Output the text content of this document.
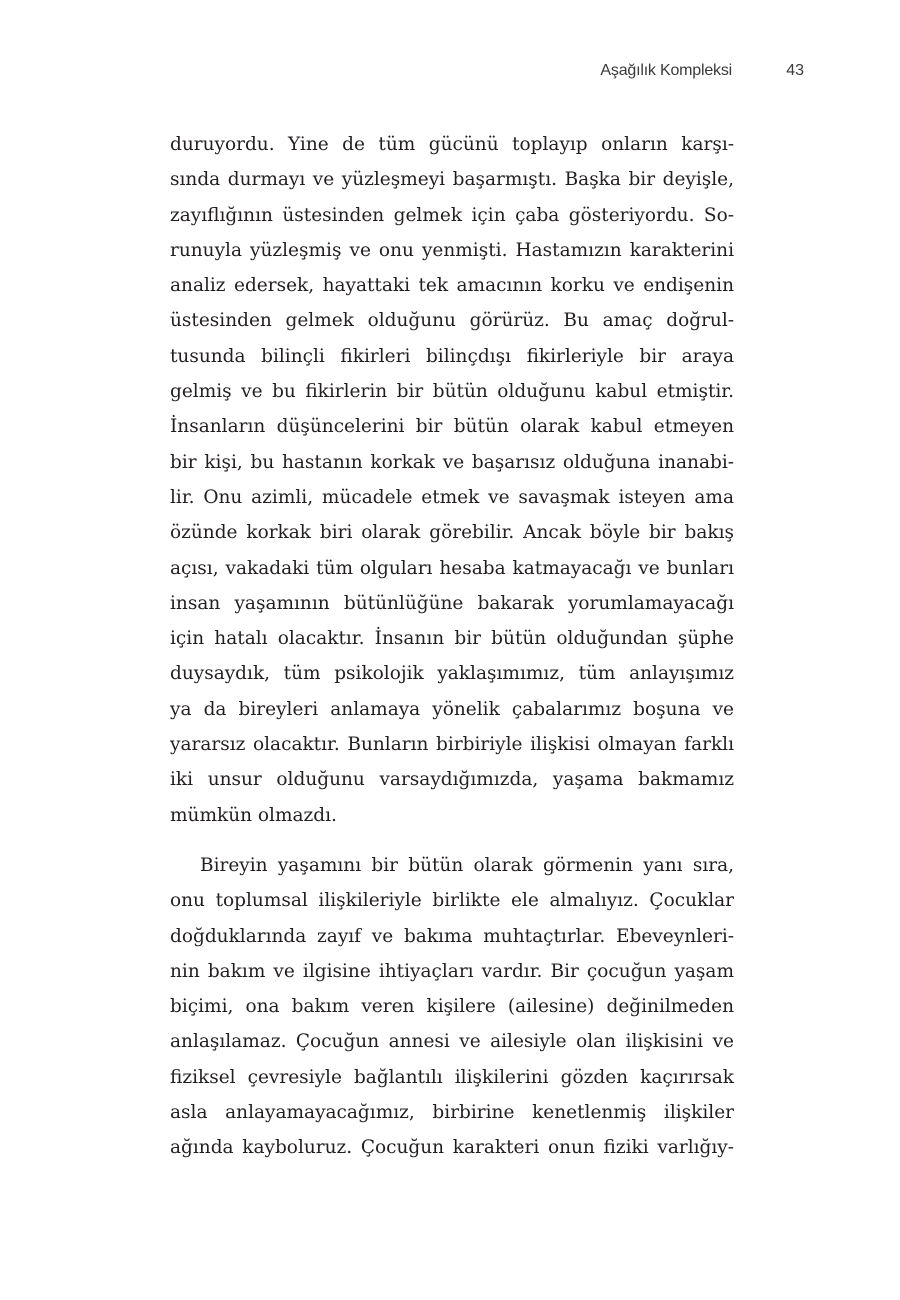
Aşağılık Kompleksi	43
duruyordu. Yine de tüm gücünü toplayıp onların karşı-
sında durmayı ve yüzleşmeyi başarmıştı. Başka bir deyişle,
zayıflığının üstesinden gelmek için çaba gösteriyordu. So-
runuyla yüzleşmiş ve onu yenmişti. Hastamızın karakterini
analiz edersek, hayattaki tek amacının korku ve endişenin
üstesinden gelmek olduğunu görürüz. Bu amaç doğrul-
tusunda bilinçli fikirleri bilinçdışı fikirleriyle bir araya
gelmiş ve bu fikirlerin bir bütün olduğunu kabul etmiştir.
İnsanların düşüncelerini bir bütün olarak kabul etmeyen
bir kişi, bu hastanın korkak ve başarısız olduğuna inanabi-
lir. Onu azimli, mücadele etmek ve savaşmak isteyen ama
özünde korkak biri olarak görebilir. Ancak böyle bir bakış
açısı, vakadaki tüm olguları hesaba katmayacağı ve bunları
insan yaşamının bütünlüğüne bakarak yorumlamayacağı
için hatalı olacaktır. İnsanın bir bütün olduğundan şüphe
duysaydık, tüm psikolojik yaklaşımımız, tüm anlayışımız
ya da bireyleri anlamaya yönelik çabalarımız boşuna ve
yararsız olacaktır. Bunların birbiriyle ilişkisi olmayan farklı
iki unsur olduğunu varsaydığımızda, yaşama bakmamız
mümkün olmazdı.
Bireyin yaşamını bir bütün olarak görmenin yanı sıra,
onu toplumsal ilişkileriyle birlikte ele almalıyız. Çocuklar
doğduklarında zayıf ve bakıma muhtaçtırlar. Ebeveynleri-
nin bakım ve ilgisine ihtiyaçları vardır. Bir çocuğun yaşam
biçimi, ona bakım veren kişilere (ailesine) değinilmeden
anlaşılamaz. Çocuğun annesi ve ailesiyle olan ilişkisini ve
fiziksel çevresiyle bağlantılı ilişkilerini gözden kaçırırsak
asla anlayamayacağımız, birbirine kenetlenmiş ilişkiler
ağında kayboluruz. Çocuğun karakteri onun fiziki varlığıy-
